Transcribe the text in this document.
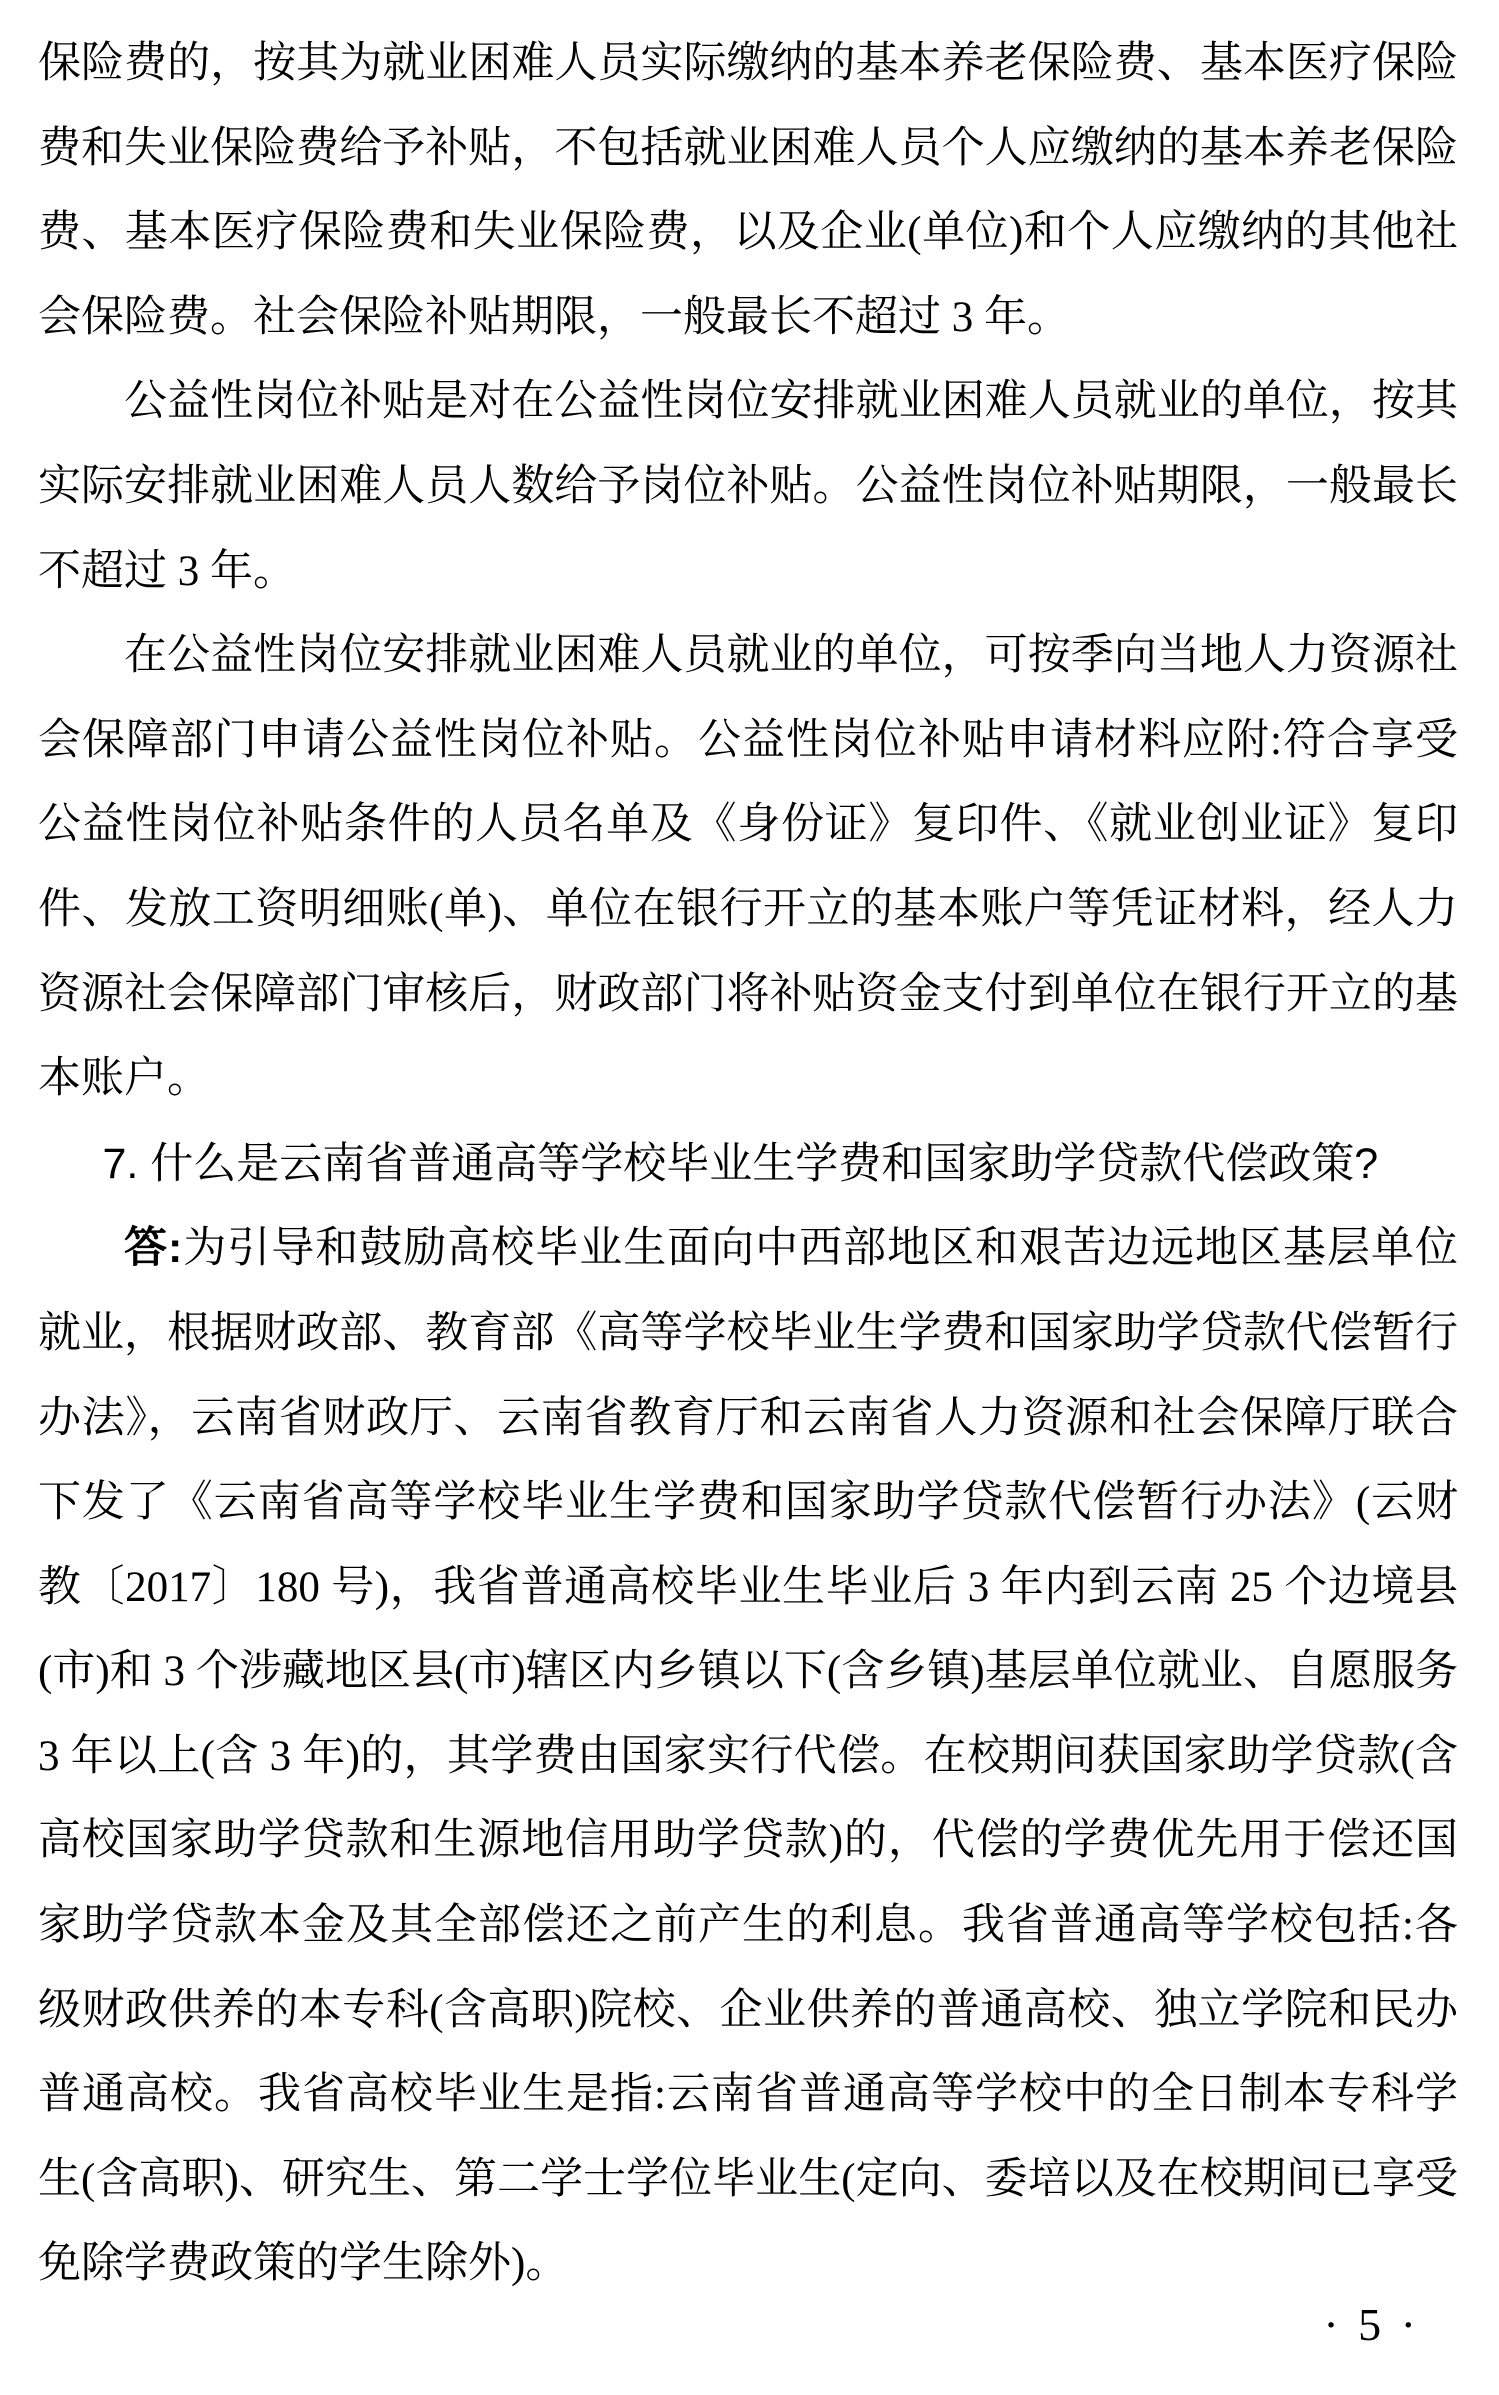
保险费的，按其为就业困难人员实际缴纳的基本养老保险费、基本医疗保险费和失业保险费给予补贴，不包括就业困难人员个人应缴纳的基本养老保险费、基本医疗保险费和失业保险费，以及企业(单位)和个人应缴纳的其他社会保险费。社会保险补贴期限，一般最长不超过 3 年。

公益性岗位补贴是对在公益性岗位安排就业困难人员就业的单位，按其实际安排就业困难人员人数给予岗位补贴。公益性岗位补贴期限，一般最长不超过 3 年。

在公益性岗位安排就业困难人员就业的单位，可按季向当地人力资源社会保障部门申请公益性岗位补贴。公益性岗位补贴申请材料应附:符合享受公益性岗位补贴条件的人员名单及《身份证》复印件、《就业创业证》复印件、发放工资明细账(单)、单位在银行开立的基本账户等凭证材料，经人力资源社会保障部门审核后，财政部门将补贴资金支付到单位在银行开立的基本账户。

7. 什么是云南省普通高等学校毕业生学费和国家助学贷款代偿政策?

答:为引导和鼓励高校毕业生面向中西部地区和艰苦边远地区基层单位就业，根据财政部、教育部《高等学校毕业生学费和国家助学贷款代偿暂行办法》，云南省财政厅、云南省教育厅和云南省人力资源和社会保障厅联合下发了《云南省高等学校毕业生学费和国家助学贷款代偿暂行办法》(云财教〔2017〕180 号)，我省普通高校毕业生毕业后 3 年内到云南 25 个边境县(市)和 3 个涉藏地区县(市)辖区内乡镇以下(含乡镇)基层单位就业、自愿服务 3 年以上(含 3 年)的，其学费由国家实行代偿。在校期间获国家助学贷款(含高校国家助学贷款和生源地信用助学贷款)的，代偿的学费优先用于偿还国家助学贷款本金及其全部偿还之前产生的利息。我省普通高等学校包括:各级财政供养的本专科(含高职)院校、企业供养的普通高校、独立学院和民办普通高校。我省高校毕业生是指:云南省普通高等学校中的全日制本专科学生(含高职)、研究生、第二学士学位毕业生(定向、委培以及在校期间已享受免除学费政策的学生除外)。

· 5 ·
